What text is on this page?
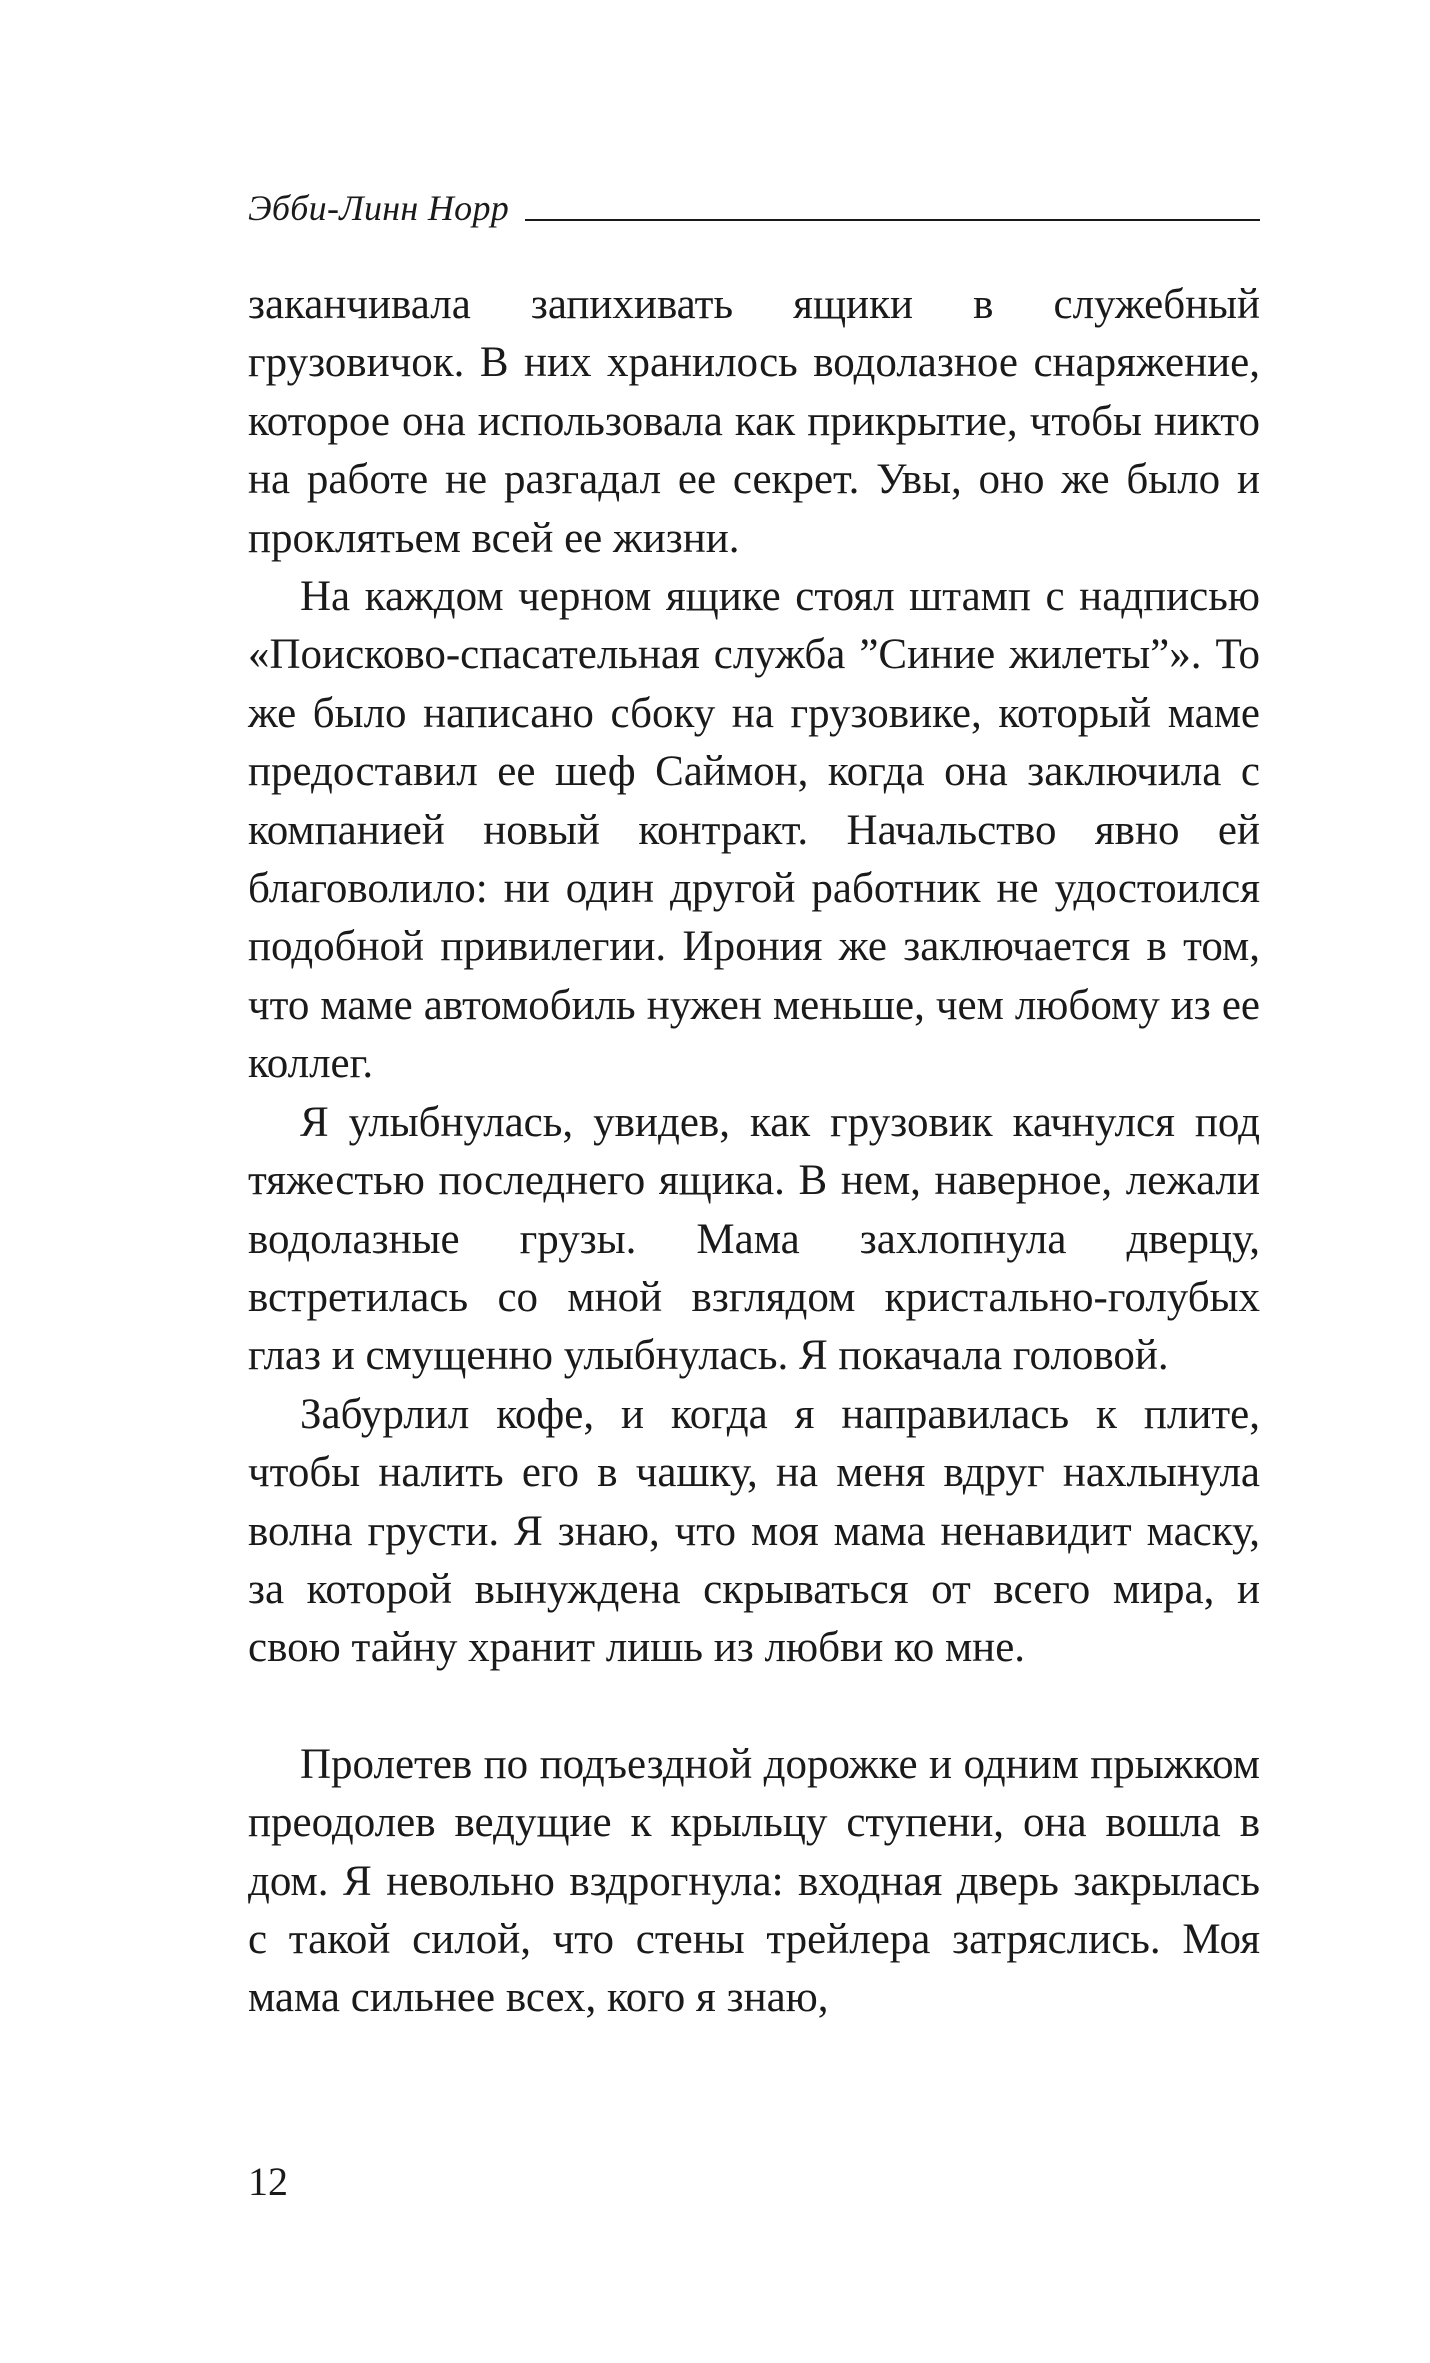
Эбби-Линн Норр

заканчивала запихивать ящики в служебный грузовичок. В них хранилось водолазное снаряжение, которое она использовала как прикрытие, чтобы никто на работе не разгадал ее секрет. Увы, оно же было и проклятьем всей ее жизни.

На каждом черном ящике стоял штамп с надписью «Поисково-спасательная служба ”Синие жилеты”». То же было написано сбоку на грузовике, который маме предоставил ее шеф Саймон, когда она заключила с компанией новый контракт. Начальство явно ей благоволило: ни один другой работник не удостоился подобной привилегии. Ирония же заключается в том, что маме автомобиль нужен меньше, чем любому из ее коллег.

Я улыбнулась, увидев, как грузовик качнулся под тяжестью последнего ящика. В нем, наверное, лежали водолазные грузы. Мама захлопнула дверцу, встретилась со мной взглядом кристально-голубых глаз и смущенно улыбнулась. Я покачала головой.

Забурлил кофе, и когда я направилась к плите, чтобы налить его в чашку, на меня вдруг нахлынула волна грусти. Я знаю, что моя мама ненавидит маску, за которой вынуждена скрываться от всего мира, и свою тайну хранит лишь из любви ко мне.

Пролетев по подъездной дорожке и одним прыжком преодолев ведущие к крыльцу ступени, она вошла в дом. Я невольно вздрогнула: входная дверь закрылась с такой силой, что стены трейлера затряслись. Моя мама сильнее всех, кого я знаю,

12
